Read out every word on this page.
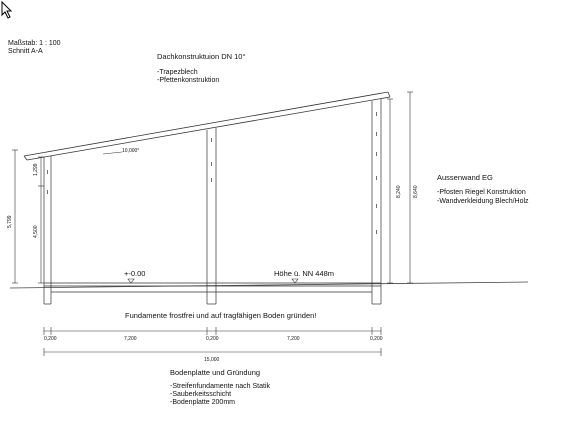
Maßstab: 1 : 100
Schnitt A-A
Dachkonstruktuion DN 10°
-Trapezblech
-Pfettenkonstruktion
10,000°
Aussenwand EG
-Pfosten Riegel Konstruktion
-Wandverkleidung Blech/Holz
+-0.00	Höhe ü. NN 448m
5,799
1,299
4,500
8,240 8,640
Fundamente frostfrei und auf tragfähigen Boden gründen!
0,200	7,200	0,200	7,200	0,200
15,000
Bodenplatte und Gründung
-Streifenfundamente nach Statik
-Sauberkeitsschicht
-Bodenplatte 200mm
